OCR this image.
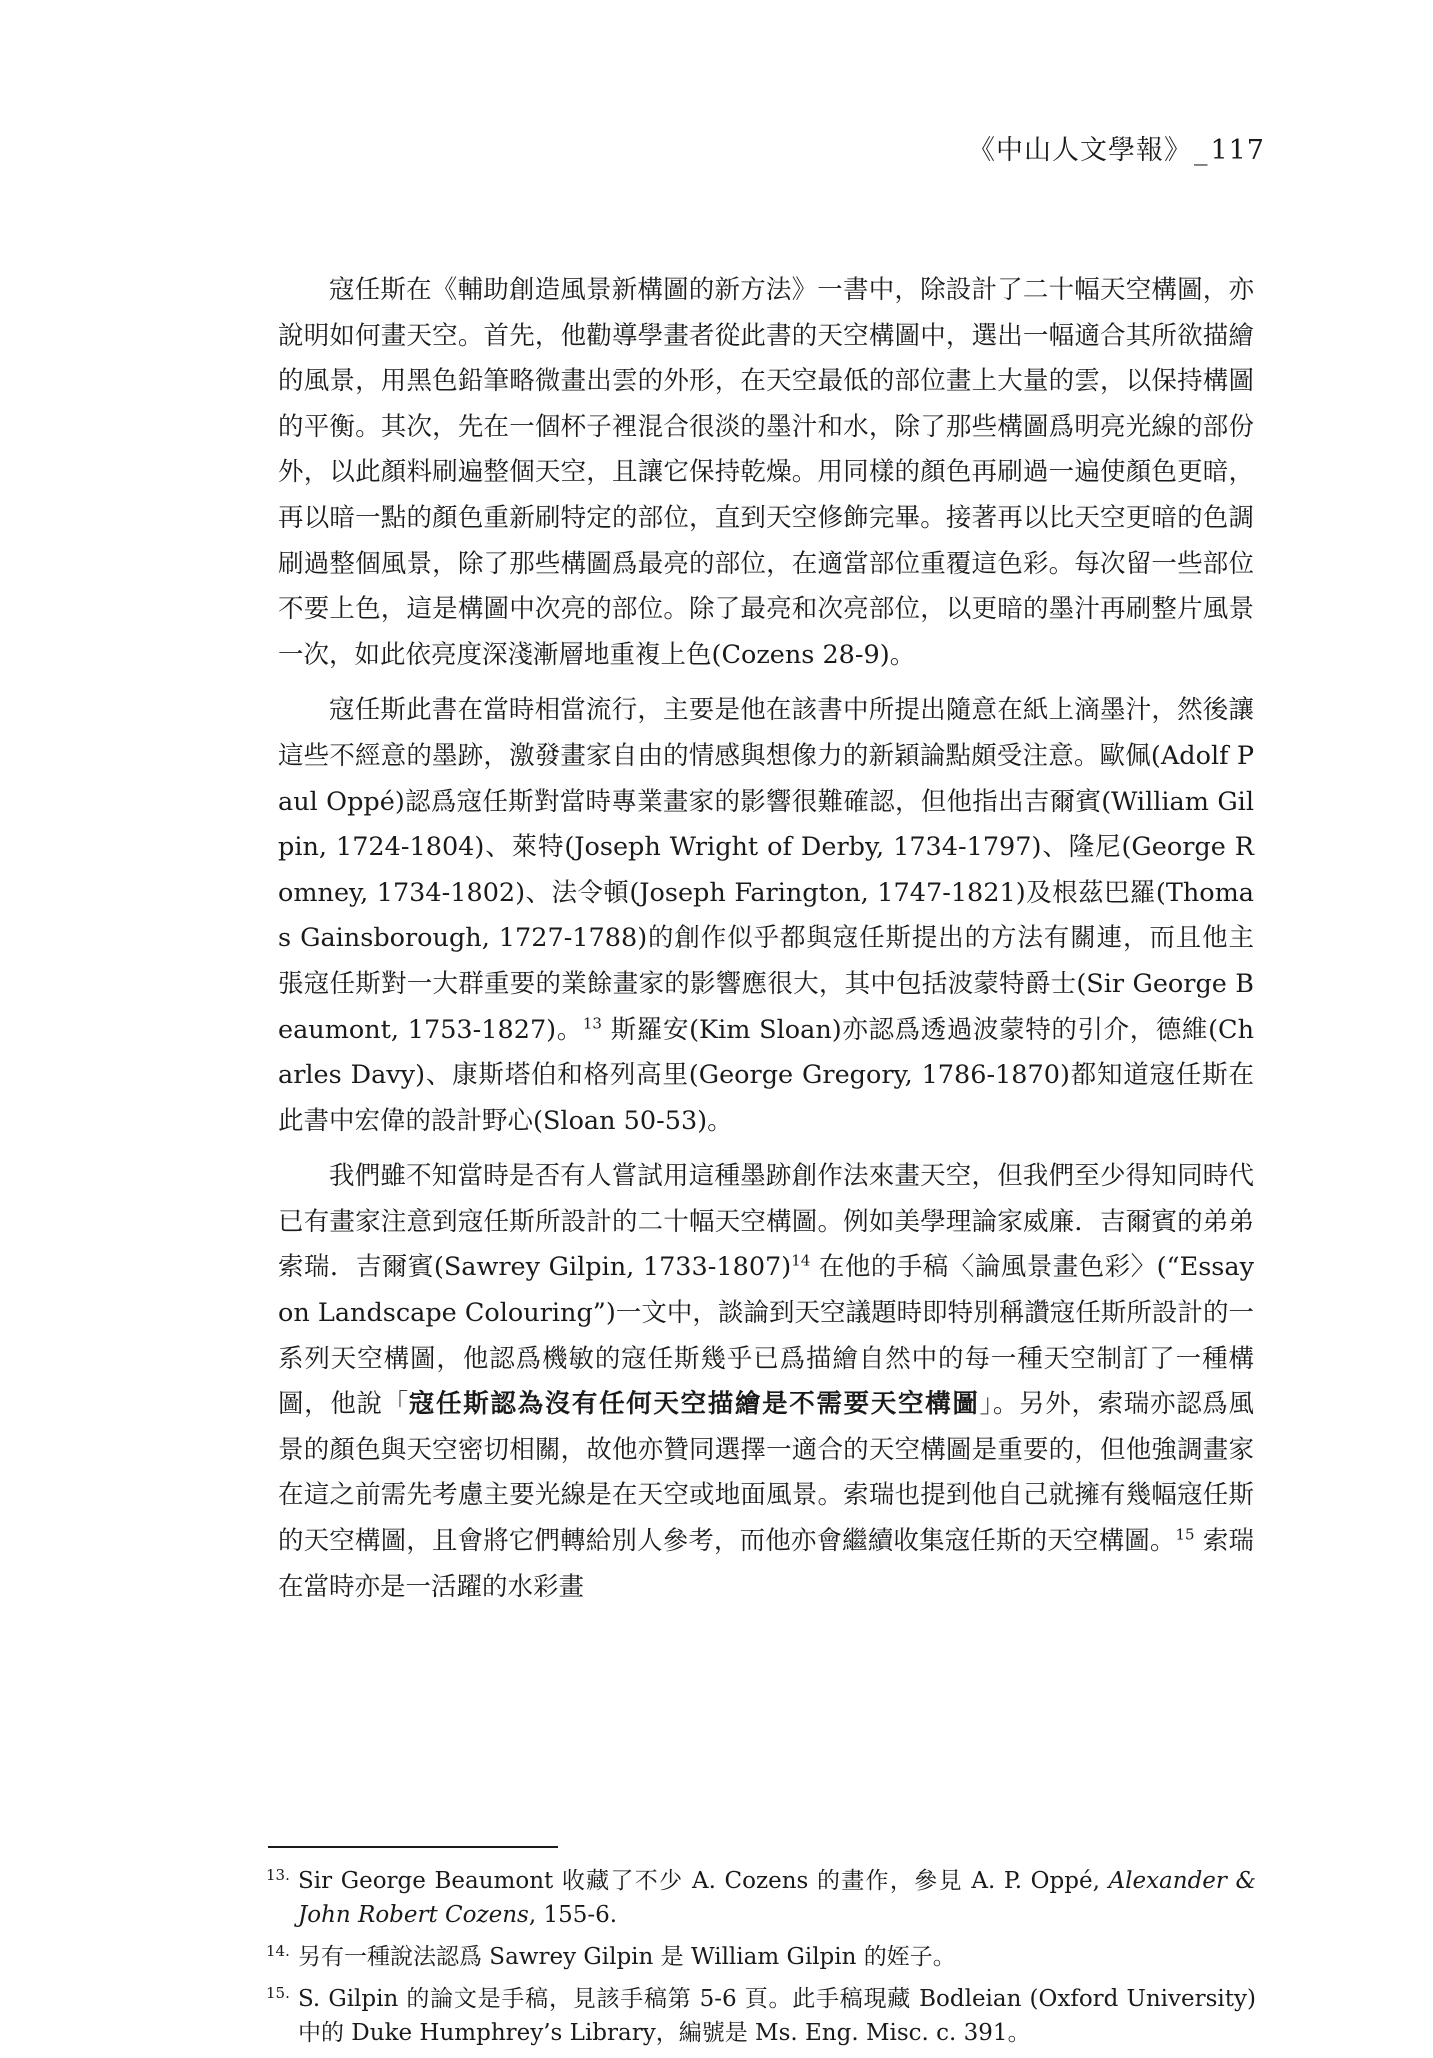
《中山人文學報》_117

寇任斯在《輔助創造風景新構圖的新方法》一書中，除設計了二十幅天空構圖，亦說明如何畫天空。首先，他勸導學畫者從此書的天空構圖中，選出一幅適合其所欲描繪的風景，用黑色鉛筆略微畫出雲的外形，在天空最低的部位畫上大量的雲，以保持構圖的平衡。其次，先在一個杯子裡混合很淡的墨汁和水，除了那些構圖爲明亮光線的部份外，以此顏料刷遍整個天空，且讓它保持乾燥。用同樣的顏色再刷過一遍使顏色更暗，再以暗一點的顏色重新刷特定的部位，直到天空修飾完畢。接著再以比天空更暗的色調刷過整個風景，除了那些構圖爲最亮的部位，在適當部位重覆這色彩。每次留一些部位不要上色，這是構圖中次亮的部位。除了最亮和次亮部位，以更暗的墨汁再刷整片風景一次，如此依亮度深淺漸層地重複上色(Cozens 28-9)。

寇任斯此書在當時相當流行，主要是他在該書中所提出隨意在紙上滴墨汁，然後讓這些不經意的墨跡，激發畫家自由的情感與想像力的新穎論點頗受注意。歐佩(Adolf Paul Oppé)認爲寇任斯對當時專業畫家的影響很難確認，但他指出吉爾賓(William Gilpin, 1724-1804)、萊特(Joseph Wright of Derby, 1734-1797)、隆尼(George Romney, 1734-1802)、法令頓(Joseph Farington, 1747-1821)及根茲巴羅(Thomas Gainsborough, 1727-1788)的創作似乎都與寇任斯提出的方法有關連，而且他主張寇任斯對一大群重要的業餘畫家的影響應很大，其中包括波蒙特爵士(Sir George Beaumont, 1753-1827)。$^{13}$ 斯羅安(Kim Sloan)亦認爲透過波蒙特的引介，德維(Charles Davy)、康斯塔伯和格列高里(George Gregory, 1786-1870)都知道寇任斯在此書中宏偉的設計野心(Sloan 50-53)。

我們雖不知當時是否有人嘗試用這種墨跡創作法來畫天空，但我們至少得知同時代已有畫家注意到寇任斯所設計的二十幅天空構圖。例如美學理論家威廉．吉爾賓的弟弟索瑞．吉爾賓(Sawrey Gilpin, 1733-1807)$^{14}$ 在他的手稿〈論風景畫色彩〉(“Essay on Landscape Colouring”)一文中，談論到天空議題時即特別稱讚寇任斯所設計的一系列天空構圖，他認爲機敏的寇任斯幾乎已爲描繪自然中的每一種天空制訂了一種構圖，他說「寇任斯認為沒有任何天空描繪是不需要天空構圖」。另外，索瑞亦認爲風景的顏色與天空密切相關，故他亦贊同選擇一適合的天空構圖是重要的，但他強調畫家在這之前需先考慮主要光線是在天空或地面風景。索瑞也提到他自己就擁有幾幅寇任斯的天空構圖，且會將它們轉給別人參考，而他亦會繼續收集寇任斯的天空構圖。$^{15}$ 索瑞在當時亦是一活躍的水彩畫

13. Sir George Beaumont 收藏了不少 A. Cozens 的畫作，參見 A. P. Oppé, Alexander & John Robert Cozens, 155-6.
14. 另有一種說法認爲 Sawrey Gilpin 是 William Gilpin 的姪子。
15. S. Gilpin 的論文是手稿，見該手稿第 5-6 頁。此手稿現藏 Bodleian (Oxford University) 中的 Duke Humphrey’s Library，編號是 Ms. Eng. Misc. c. 391。
